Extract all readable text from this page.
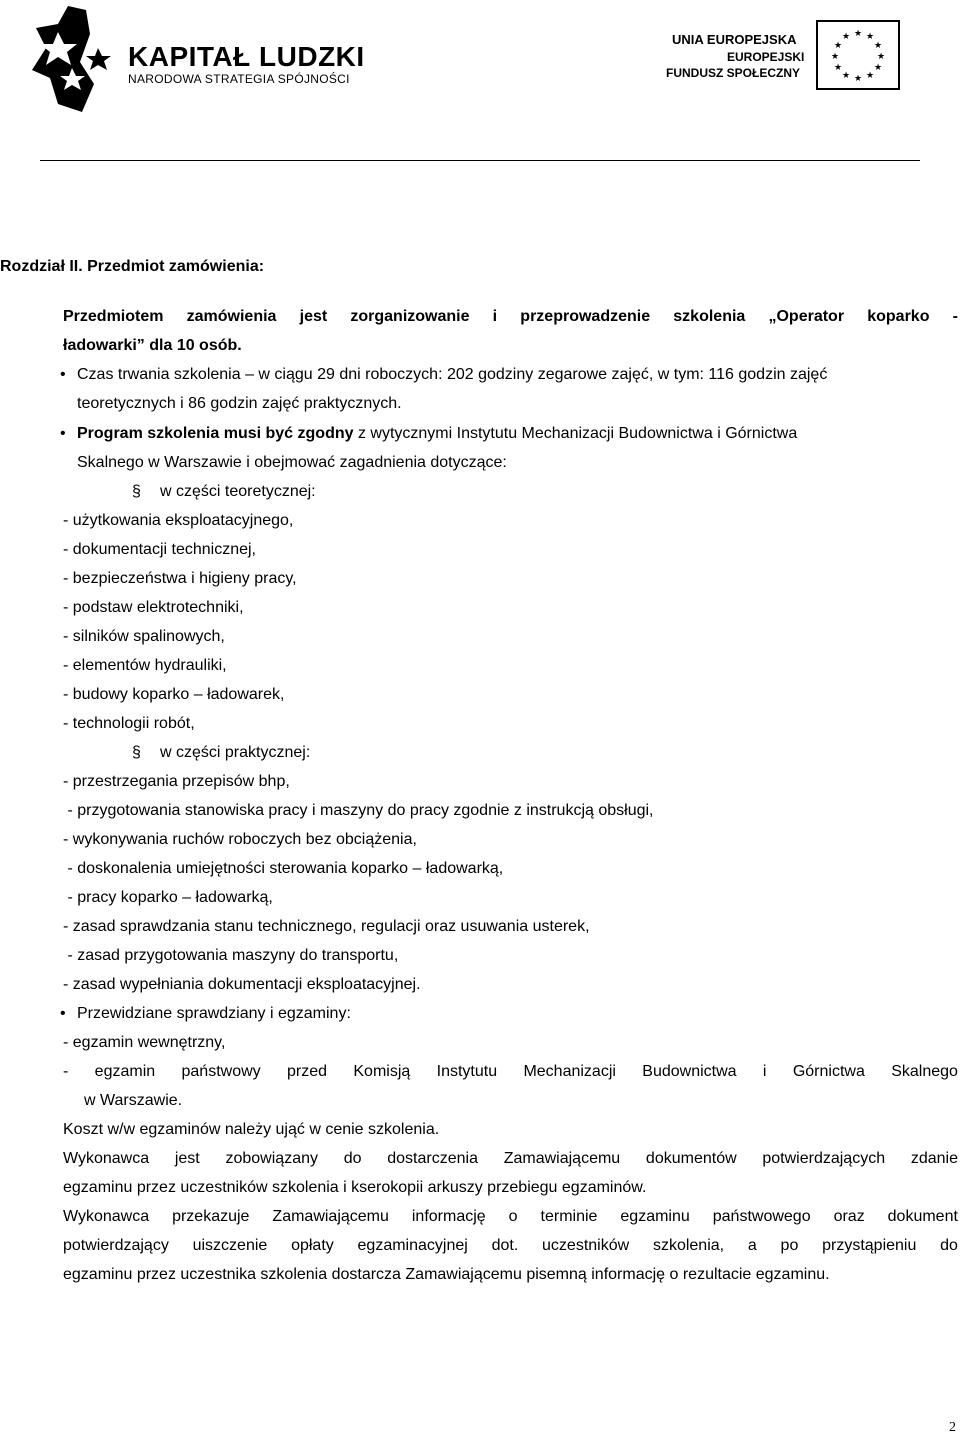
KAPITAŁ LUDZKI
NARODOWA STRATEGIA SPÓJNOŚCI
UNIA EUROPEJSKA
EUROPEJSKI
FUNDUSZ SPOŁECZNY
★ ★
★
★
★
★
★
★
★
★
★
★
Rozdział II. Przedmiot zamówienia:
Przedmiotem zamówienia jest zorganizowanie i przeprowadzenie szkolenia „Operator koparko -
ładowarki” dla 10 osób.
• Czas trwania szkolenia – w ciągu 29 dni roboczych: 202 godziny zegarowe zajęć, w tym: 116 godzin zajęć
teoretycznych i 86 godzin zajęć praktycznych.
• Program szkolenia musi być zgodny z wytycznymi Instytutu Mechanizacji Budownictwa i Górnictwa
Skalnego w Warszawie i obejmować zagadnienia dotyczące:
§ w części teoretycznej:
- użytkowania eksploatacyjnego,
- dokumentacji technicznej,
- bezpieczeństwa i higieny pracy,
- podstaw elektrotechniki,
- silników spalinowych,
- elementów hydrauliki,
- budowy koparko – ładowarek,
- technologii robót,
§ w części praktycznej:
- przestrzegania przepisów bhp,
- przygotowania stanowiska pracy i maszyny do pracy zgodnie z instrukcją obsługi,
- wykonywania ruchów roboczych bez obciążenia,
- doskonalenia umiejętności sterowania koparko – ładowarką,
- pracy koparko – ładowarką,
- zasad sprawdzania stanu technicznego, regulacji oraz usuwania usterek,
- zasad przygotowania maszyny do transportu,
- zasad wypełniania dokumentacji eksploatacyjnej.
• Przewidziane sprawdziany i egzaminy:
- egzamin wewnętrzny,
- egzamin państwowy przed Komisją Instytutu Mechanizacji Budownictwa i Górnictwa Skalnego
w Warszawie.
Koszt w/w egzaminów należy ująć w cenie szkolenia.
Wykonawca jest zobowiązany do dostarczenia Zamawiającemu dokumentów potwierdzających zdanie
egzaminu przez uczestników szkolenia i kserokopii arkuszy przebiegu egzaminów.
Wykonawca przekazuje Zamawiającemu informację o terminie egzaminu państwowego oraz dokument
potwierdzający uiszczenie opłaty egzaminacyjnej dot. uczestników szkolenia, a po przystąpieniu do
egzaminu przez uczestnika szkolenia dostarcza Zamawiającemu pisemną informację o rezultacie egzaminu.
2
